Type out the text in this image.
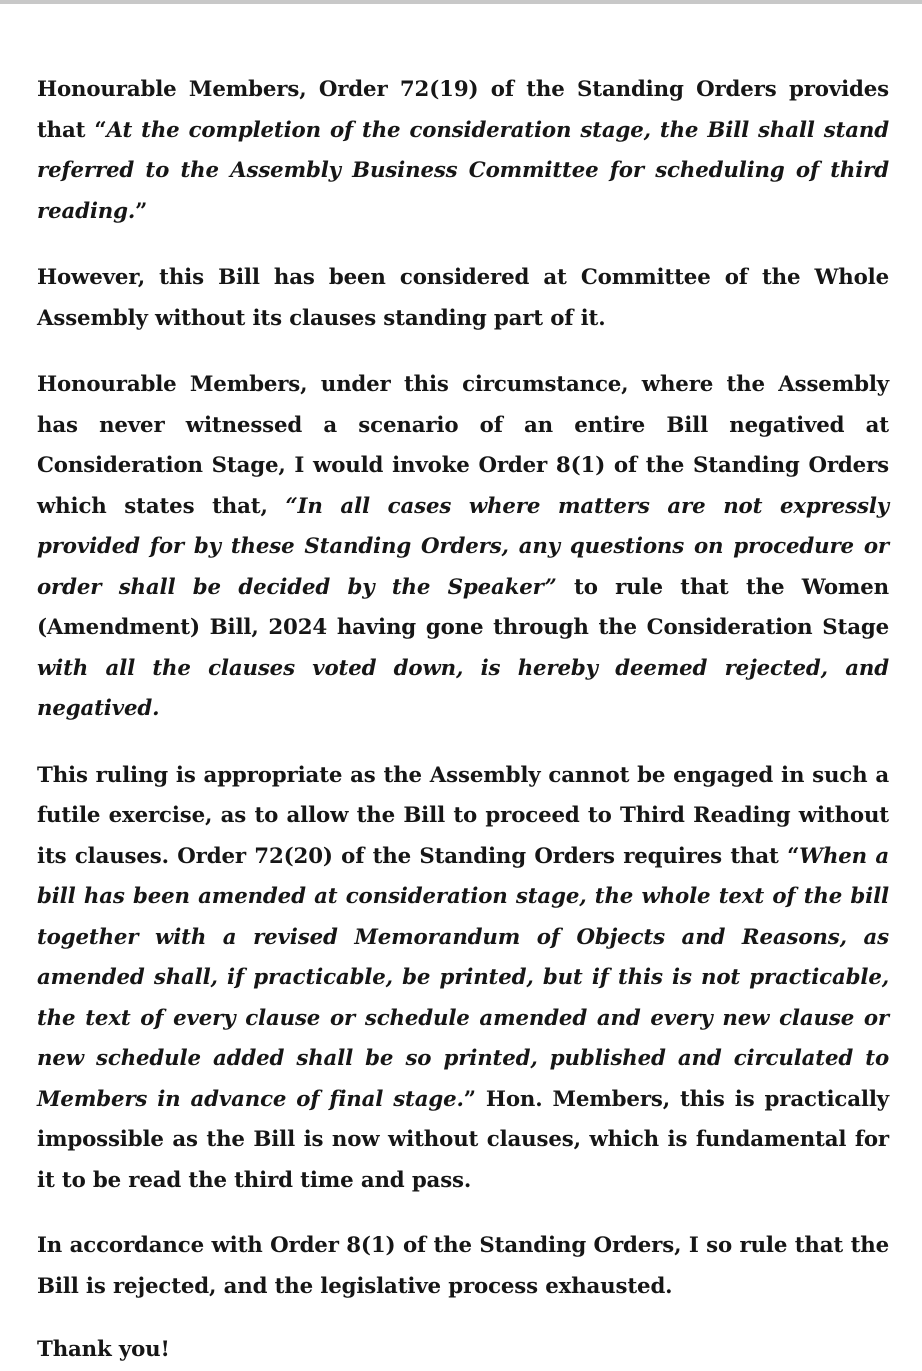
Honourable Members, Order 72(19) of the Standing Orders provides that “At the completion of the consideration stage, the Bill shall stand referred to the Assembly Business Committee for scheduling of third reading.”

However, this Bill has been considered at Committee of the Whole Assembly without its clauses standing part of it.

Honourable Members, under this circumstance, where the Assembly has never witnessed a scenario of an entire Bill negatived at Consideration Stage, I would invoke Order 8(1) of the Standing Orders which states that, “In all cases where matters are not expressly provided for by these Standing Orders, any questions on procedure or order shall be decided by the Speaker” to rule that the Women (Amendment) Bill, 2024 having gone through the Consideration Stage with all the clauses voted down, is hereby deemed rejected, and negatived.

This ruling is appropriate as the Assembly cannot be engaged in such a futile exercise, as to allow the Bill to proceed to Third Reading without its clauses. Order 72(20) of the Standing Orders requires that “When a bill has been amended at consideration stage, the whole text of the bill together with a revised Memorandum of Objects and Reasons, as amended shall, if practicable, be printed, but if this is not practicable, the text of every clause or schedule amended and every new clause or new schedule added shall be so printed, published and circulated to Members in advance of final stage.” Hon. Members, this is practically impossible as the Bill is now without clauses, which is fundamental for it to be read the third time and pass.

In accordance with Order 8(1) of the Standing Orders, I so rule that the Bill is rejected, and the legislative process exhausted.

Thank you!
